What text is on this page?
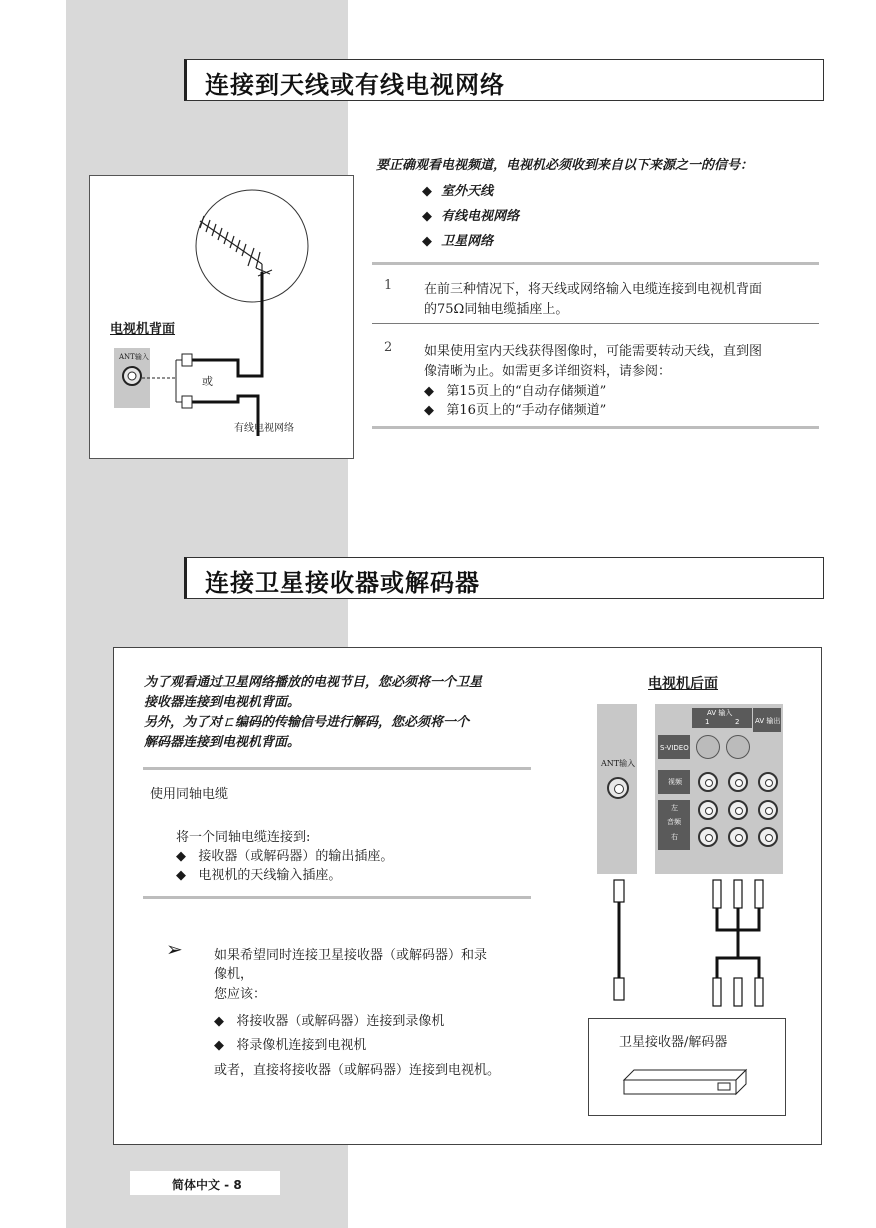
连接到天线或有线电视网络
要正确观看电视频道，电视机必须收到来自以下来源之一的信号：
◆ 室外天线
◆ 有线电视网络
◆ 卫星网络
1 在前三种情况下，将天线或网络输入电缆连接到电视机背面
的75Ω同轴电缆插座上。
2 如果使用室内天线获得图像时，可能需要转动天线，直到图
像清晰为止。如需更多详细资料，请参阅：
◆ 第15页上的“自动存储频道”
◆ 第16页上的“手动存储频道”
电视机背面
ANT输入
或
有线电视网络
连接卫星接收器或解码器
为了观看通过卫星网络播放的电视节目，您必须将一个卫星
接收器连接到电视机背面。
另外，为了对ㄈ编码的传输信号进行解码，您必须将一个
解码器连接到电视机背面。
使用同轴电缆
将一个同轴电缆连接到:
◆ 接收器（或解码器）的输出插座。
◆ 电视机的天线输入插座。
➢ 如果希望同时连接卫星接收器（或解码器）和录
像机，
您应该：
◆ 将接收器（或解码器）连接到录像机
◆ 将录像机连接到电视机
或者，直接将接收器（或解码器）连接到电视机。
电视机后面
ANT输入
AV 输入
1	2 AV 输出
S-VIDEO
视频
左
音频
右
卫星接收器/解码器
简体中文 - 8
